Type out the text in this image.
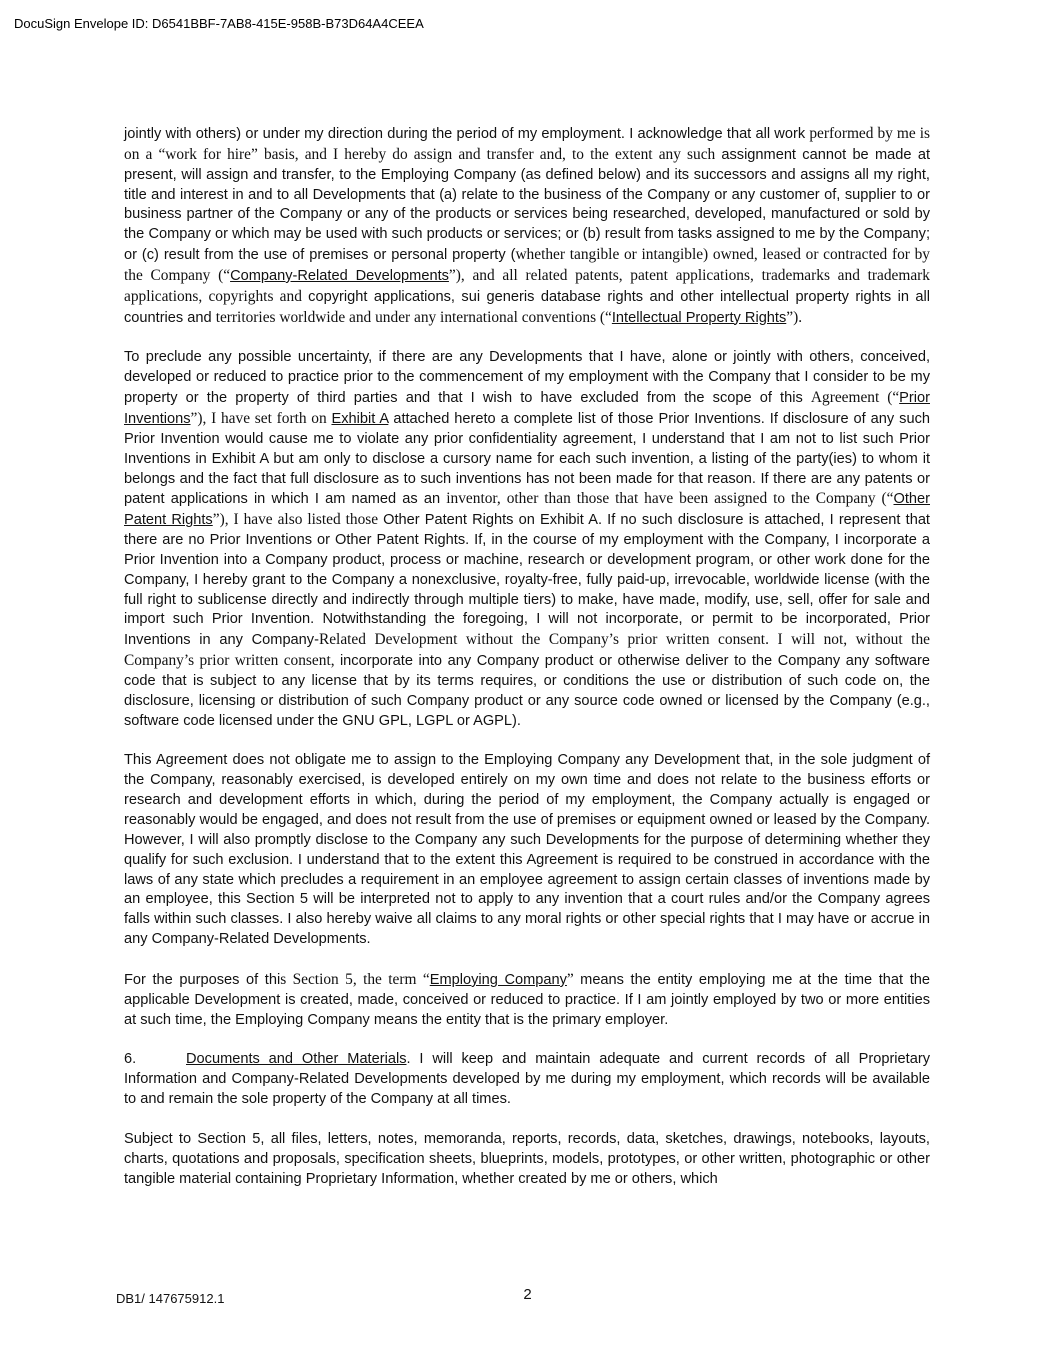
DocuSign Envelope ID: D6541BBF-7AB8-415E-958B-B73D64A4CEEA

jointly with others) or under my direction during the period of my employment. I acknowledge that all work performed by me is on a “work for hire” basis, and I hereby do assign and transfer and, to the extent any such assignment cannot be made at present, will assign and transfer, to the Employing Company (as defined below) and its successors and assigns all my right, title and interest in and to all Developments that (a) relate to the business of the Company or any customer of, supplier to or business partner of the Company or any of the products or services being researched, developed, manufactured or sold by the Company or which may be used with such products or services; or (b) result from tasks assigned to me by the Company; or (c) result from the use of premises or personal property (whether tangible or intangible) owned, leased or contracted for by the Company (“Company-Related Developments”), and all related patents, patent applications, trademarks and trademark applications, copyrights and copyright applications, sui generis database rights and other intellectual property rights in all countries and territories worldwide and under any international conventions (“Intellectual Property Rights”).

To preclude any possible uncertainty, if there are any Developments that I have, alone or jointly with others, conceived, developed or reduced to practice prior to the commencement of my employment with the Company that I consider to be my property or the property of third parties and that I wish to have excluded from the scope of this Agreement (“Prior Inventions”), I have set forth on Exhibit A attached hereto a complete list of those Prior Inventions. If disclosure of any such Prior Invention would cause me to violate any prior confidentiality agreement, I understand that I am not to list such Prior Inventions in Exhibit A but am only to disclose a cursory name for each such invention, a listing of the party(ies) to whom it belongs and the fact that full disclosure as to such inventions has not been made for that reason. If there are any patents or patent applications in which I am named as an inventor, other than those that have been assigned to the Company (“Other Patent Rights”), I have also listed those Other Patent Rights on Exhibit A. If no such disclosure is attached, I represent that there are no Prior Inventions or Other Patent Rights. If, in the course of my employment with the Company, I incorporate a Prior Invention into a Company product, process or machine, research or development program, or other work done for the Company, I hereby grant to the Company a nonexclusive, royalty-free, fully paid-up, irrevocable, worldwide license (with the full right to sublicense directly and indirectly through multiple tiers) to make, have made, modify, use, sell, offer for sale and import such Prior Invention. Notwithstanding the foregoing, I will not incorporate, or permit to be incorporated, Prior Inventions in any Company-Related Development without the Company’s prior written consent. I will not, without the Company’s prior written consent, incorporate into any Company product or otherwise deliver to the Company any software code that is subject to any license that by its terms requires, or conditions the use or distribution of such code on, the disclosure, licensing or distribution of such Company product or any source code owned or licensed by the Company (e.g., software code licensed under the GNU GPL, LGPL or AGPL).

This Agreement does not obligate me to assign to the Employing Company any Development that, in the sole judgment of the Company, reasonably exercised, is developed entirely on my own time and does not relate to the business efforts or research and development efforts in which, during the period of my employment, the Company actually is engaged or reasonably would be engaged, and does not result from the use of premises or equipment owned or leased by the Company. However, I will also promptly disclose to the Company any such Developments for the purpose of determining whether they qualify for such exclusion. I understand that to the extent this Agreement is required to be construed in accordance with the laws of any state which precludes a requirement in an employee agreement to assign certain classes of inventions made by an employee, this Section 5 will be interpreted not to apply to any invention that a court rules and/or the Company agrees falls within such classes. I also hereby waive all claims to any moral rights or other special rights that I may have or accrue in any Company-Related Developments.

For the purposes of this Section 5, the term “Employing Company” means the entity employing me at the time that the applicable Development is created, made, conceived or reduced to practice. If I am jointly employed by two or more entities at such time, the Employing Company means the entity that is the primary employer.

6.	Documents and Other Materials. I will keep and maintain adequate and current records of all Proprietary Information and Company-Related Developments developed by me during my employment, which records will be available to and remain the sole property of the Company at all times.

Subject to Section 5, all files, letters, notes, memoranda, reports, records, data, sketches, drawings, notebooks, layouts, charts, quotations and proposals, specification sheets, blueprints, models, prototypes, or other written, photographic or other tangible material containing Proprietary Information, whether created by me or others, which

DB1/ 147675912.1	2
